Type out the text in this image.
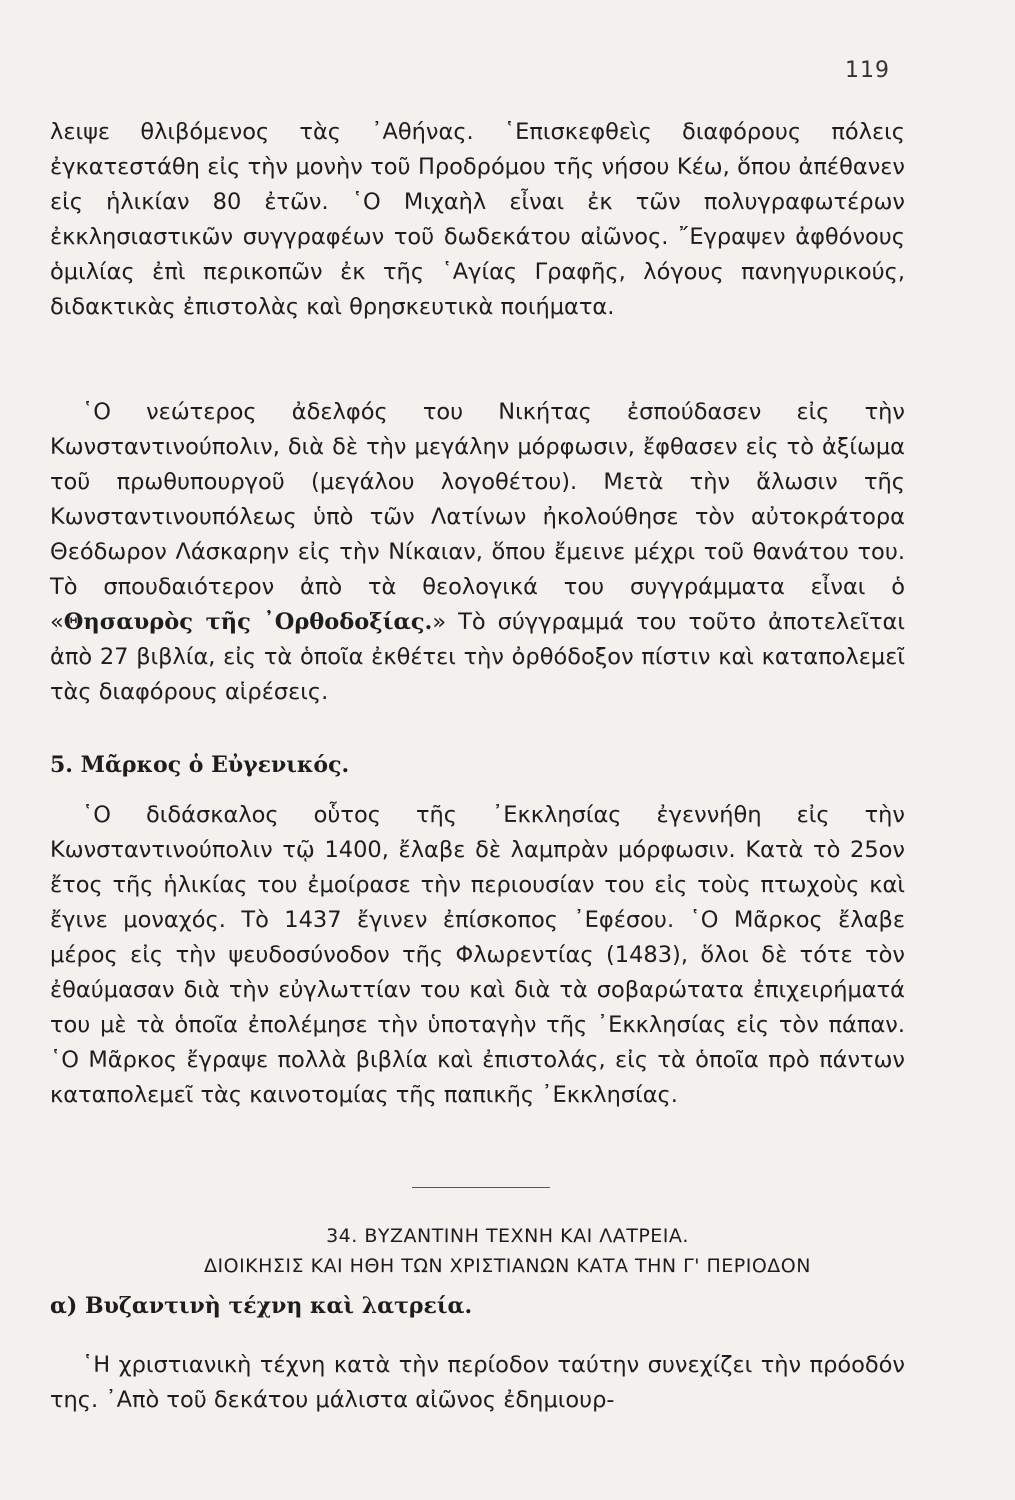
119

λειψε θλιβόμενος τὰς ᾿Αθήνας. ῾Επισκεφθεὶς διαφόρους πόλεις ἐγκατεστάθη εἰς τὴν μονὴν τοῦ Προδρόμου τῆς νήσου Κέω, ὅπου ἀπέθανεν εἰς ἡλικίαν 80 ἐτῶν. ῾Ο Μιχαὴλ εἶναι ἐκ τῶν πολυγραφωτέρων ἐκκλησιαστικῶν συγγραφέων τοῦ δωδεκάτου αἰῶνος. ῎Εγραψεν ἀφθόνους ὁμιλίας ἐπὶ περικοπῶν ἐκ τῆς ῾Αγίας Γραφῆς, λόγους πανηγυρικούς, διδακτικὰς ἐπιστολὰς καὶ θρησκευτικὰ ποιήματα.

῾Ο νεώτερος ἀδελφός του Νικήτας ἐσπούδασεν εἰς τὴν Κωνσταντινούπολιν, διὰ δὲ τὴν μεγάλην μόρφωσιν, ἔφθασεν εἰς τὸ ἀξίωμα τοῦ πρωθυπουργοῦ (μεγάλου λογοθέτου). Μετὰ τὴν ἅλωσιν τῆς Κωνσταντινουπόλεως ὑπὸ τῶν Λατίνων ἠκολούθησε τὸν αὐτοκράτορα Θεόδωρον Λάσκαρην εἰς τὴν Νίκαιαν, ὅπου ἔμεινε μέχρι τοῦ θανάτου του. Τὸ σπουδαιότερον ἀπὸ τὰ θεολογικά του συγγράμματα εἶναι ὁ «Θησαυρὸς τῆς ᾿Ορθοδοξίας.» Τὸ σύγγραμμά του τοῦτο ἀποτελεῖται ἀπὸ 27 βιβλία, εἰς τὰ ὁποῖα ἐκθέτει τὴν ὀρθόδοξον πίστιν καὶ καταπολεμεῖ τὰς διαφόρους αἱρέσεις.

5. Μᾶρκος ὁ Εὐγενικός.

῾Ο διδάσκαλος οὗτος τῆς ᾿Εκκλησίας ἐγεννήθη εἰς τὴν Κωνσταντινούπολιν τῷ 1400, ἔλαβε δὲ λαμπρὰν μόρφωσιν. Κατὰ τὸ 25ον ἔτος τῆς ἡλικίας του ἐμοίρασε τὴν περιουσίαν του εἰς τοὺς πτωχοὺς καὶ ἔγινε μοναχός. Τὸ 1437 ἔγινεν ἐπίσκοπος ᾿Εφέσου. ῾Ο Μᾶρκος ἔλαβε μέρος εἰς τὴν ψευδοσύνοδον τῆς Φλωρεντίας (1483), ὅλοι δὲ τότε τὸν ἐθαύμασαν διὰ τὴν εὐγλωττίαν του καὶ διὰ τὰ σοβαρώτατα ἐπιχειρήματά του μὲ τὰ ὁποῖα ἐπολέμησε τὴν ὑποταγὴν τῆς ᾿Εκκλησίας εἰς τὸν πάπαν. ῾Ο Μᾶρκος ἔγραψε πολλὰ βιβλία καὶ ἐπιστολάς, εἰς τὰ ὁποῖα πρὸ πάντων καταπολεμεῖ τὰς καινοτομίας τῆς παπικῆς ᾿Εκκλησίας.

34. ΒΥΖΑΝΤΙΝΗ ΤΕΧΝΗ ΚΑΙ ΛΑΤΡΕΙΑ.
ΔΙΟΙΚΗΣΙΣ ΚΑΙ ΗΘΗ ΤΩΝ ΧΡΙΣΤΙΑΝΩΝ ΚΑΤΑ ΤΗΝ Γ' ΠΕΡΙΟΔΟΝ
α) Βυζαντινὴ τέχνη καὶ λατρεία.

῾Η χριστιανικὴ τέχνη κατὰ τὴν περίοδον ταύτην συνεχίζει τὴν πρόοδόν της. ᾿Απὸ τοῦ δεκάτου μάλιστα αἰῶνος ἐδημιουρ-
